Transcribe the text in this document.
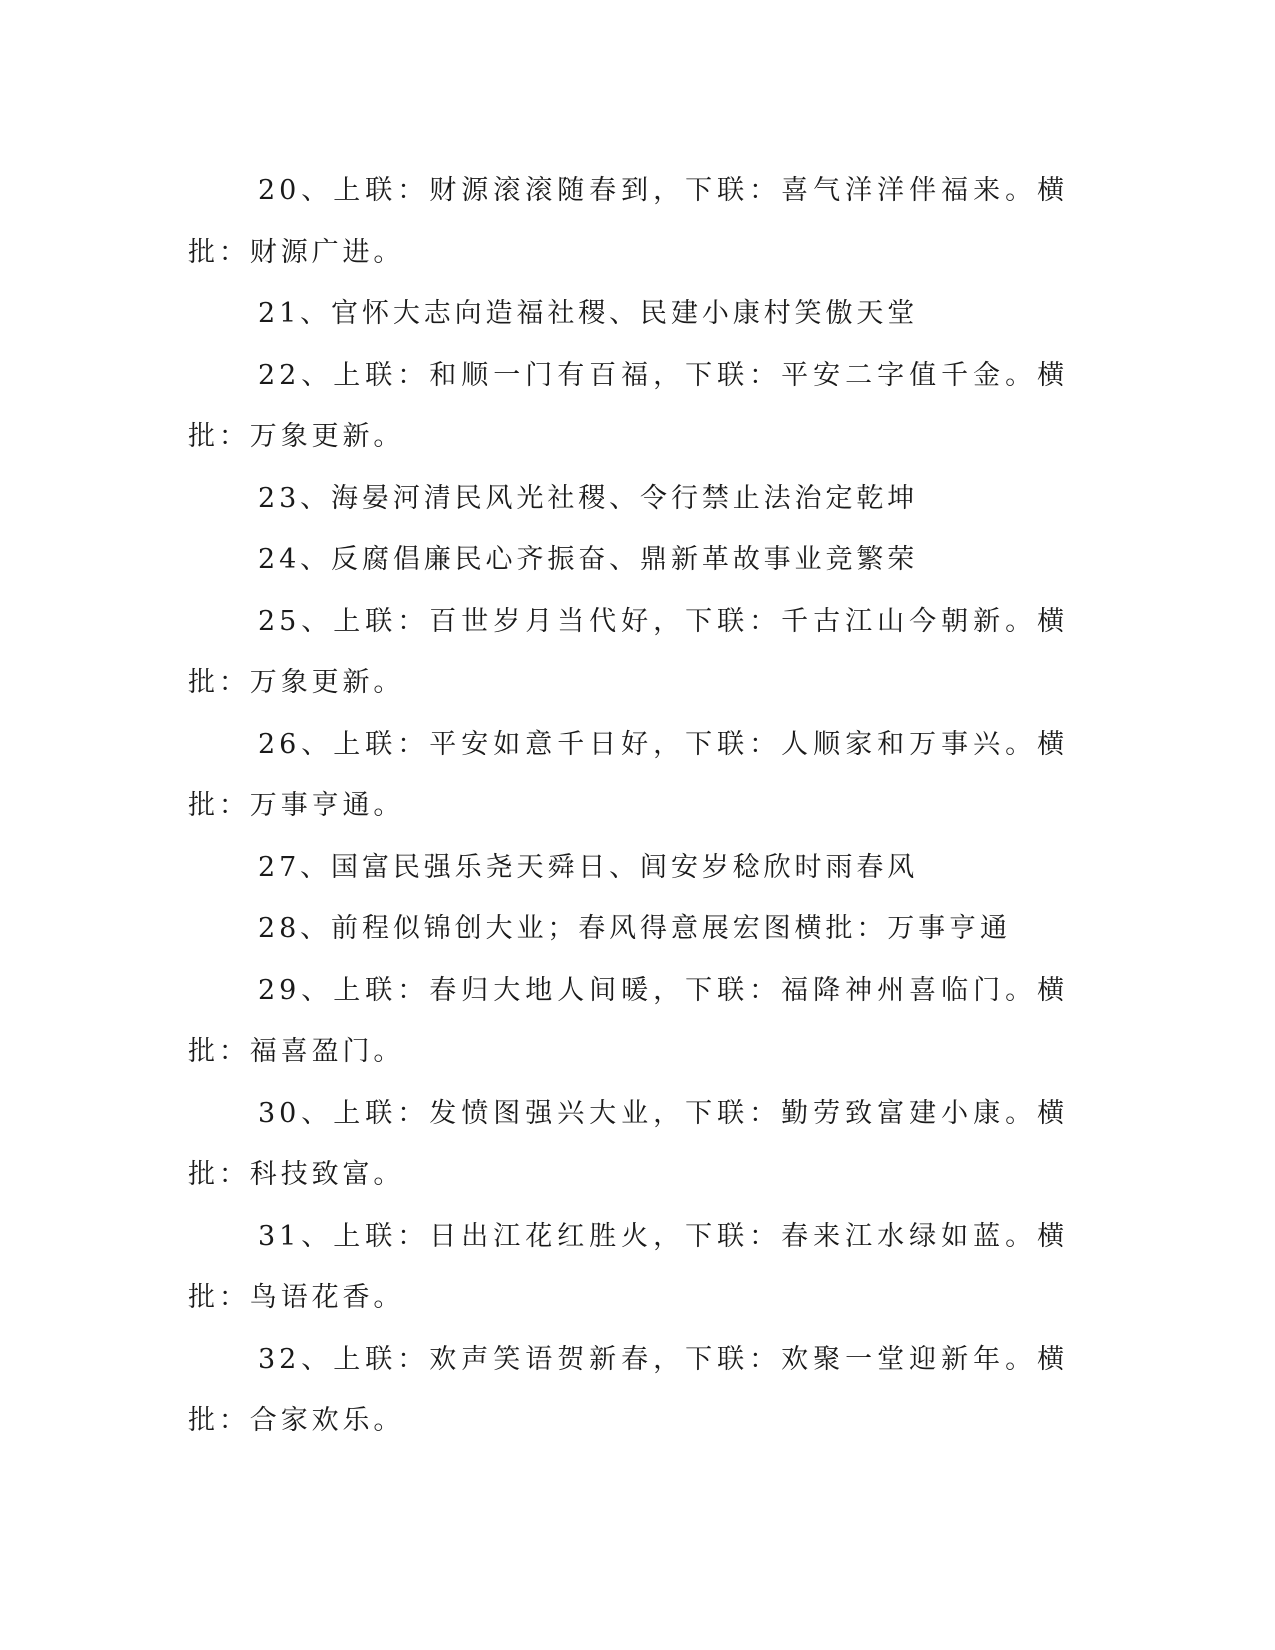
20、上联：财源滚滚随春到，下联：喜气洋洋伴福来。横批：财源广进。

21、官怀大志向造福社稷、民建小康村笑傲天堂

22、上联：和顺一门有百福，下联：平安二字值千金。横批：万象更新。

23、海晏河清民风光社稷、令行禁止法治定乾坤

24、反腐倡廉民心齐振奋、鼎新革故事业竞繁荣

25、上联：百世岁月当代好，下联：千古江山今朝新。横批：万象更新。

26、上联：平安如意千日好，下联：人顺家和万事兴。横批：万事亨通。

27、国富民强乐尧天舜日、闾安岁稔欣时雨春风

28、前程似锦创大业；春风得意展宏图横批：万事亨通

29、上联：春归大地人间暖，下联：福降神州喜临门。横批：福喜盈门。

30、上联：发愤图强兴大业，下联：勤劳致富建小康。横批：科技致富。

31、上联：日出江花红胜火，下联：春来江水绿如蓝。横批：鸟语花香。

32、上联：欢声笑语贺新春，下联：欢聚一堂迎新年。横批：合家欢乐。
